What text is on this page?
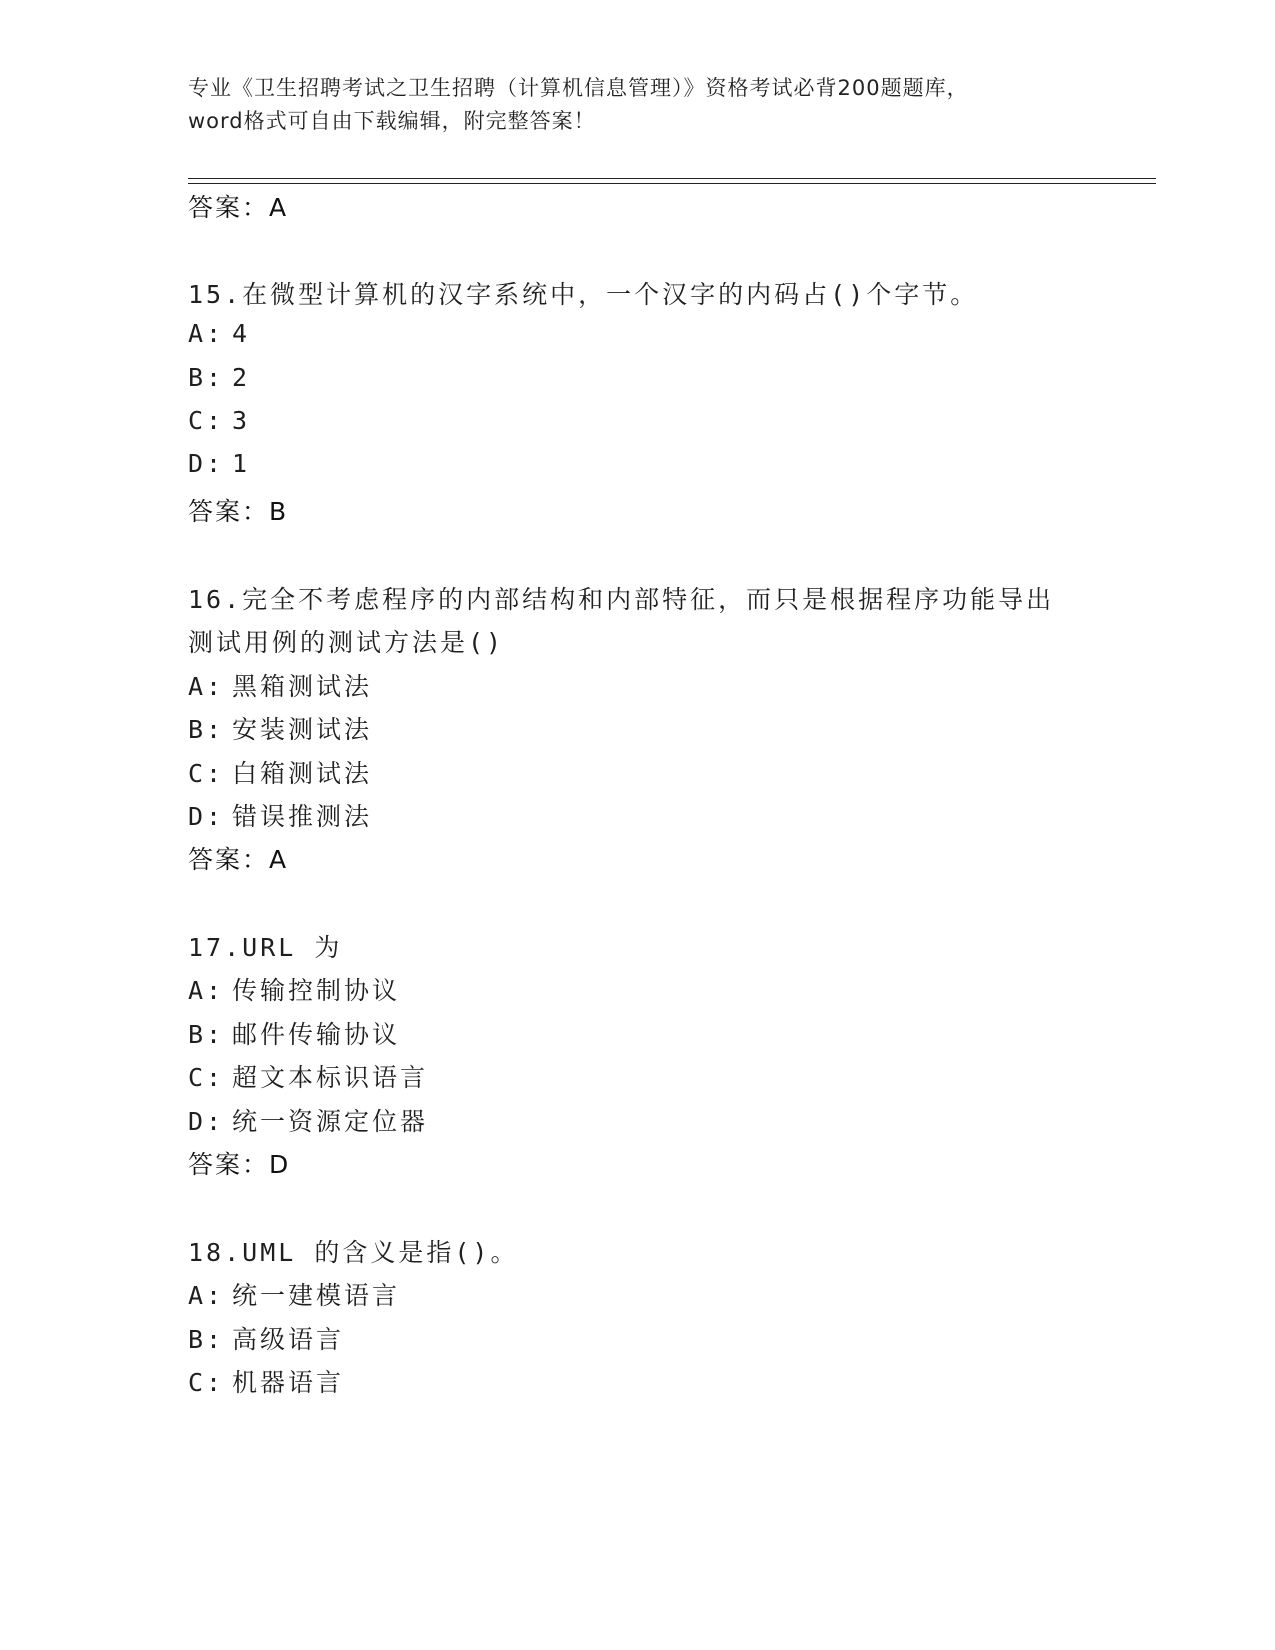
专业《卫生招聘考试之卫生招聘（计算机信息管理）》资格考试必背200题题库，
word格式可自由下载编辑，附完整答案！
答案：A
15.在微型计算机的汉字系统中，一个汉字的内码占()个字节。
A: 4
B: 2
C: 3
D: 1
答案：B
16.完全不考虑程序的内部结构和内部特征，而只是根据程序功能导出
测试用例的测试方法是()
A: 黑箱测试法
B: 安装测试法
C: 白箱测试法
D: 错误推测法
答案：A
17.URL 为
A: 传输控制协议
B: 邮件传输协议
C: 超文本标识语言
D: 统一资源定位器
答案：D
18.UML 的含义是指()。
A: 统一建模语言
B: 高级语言
C: 机器语言
